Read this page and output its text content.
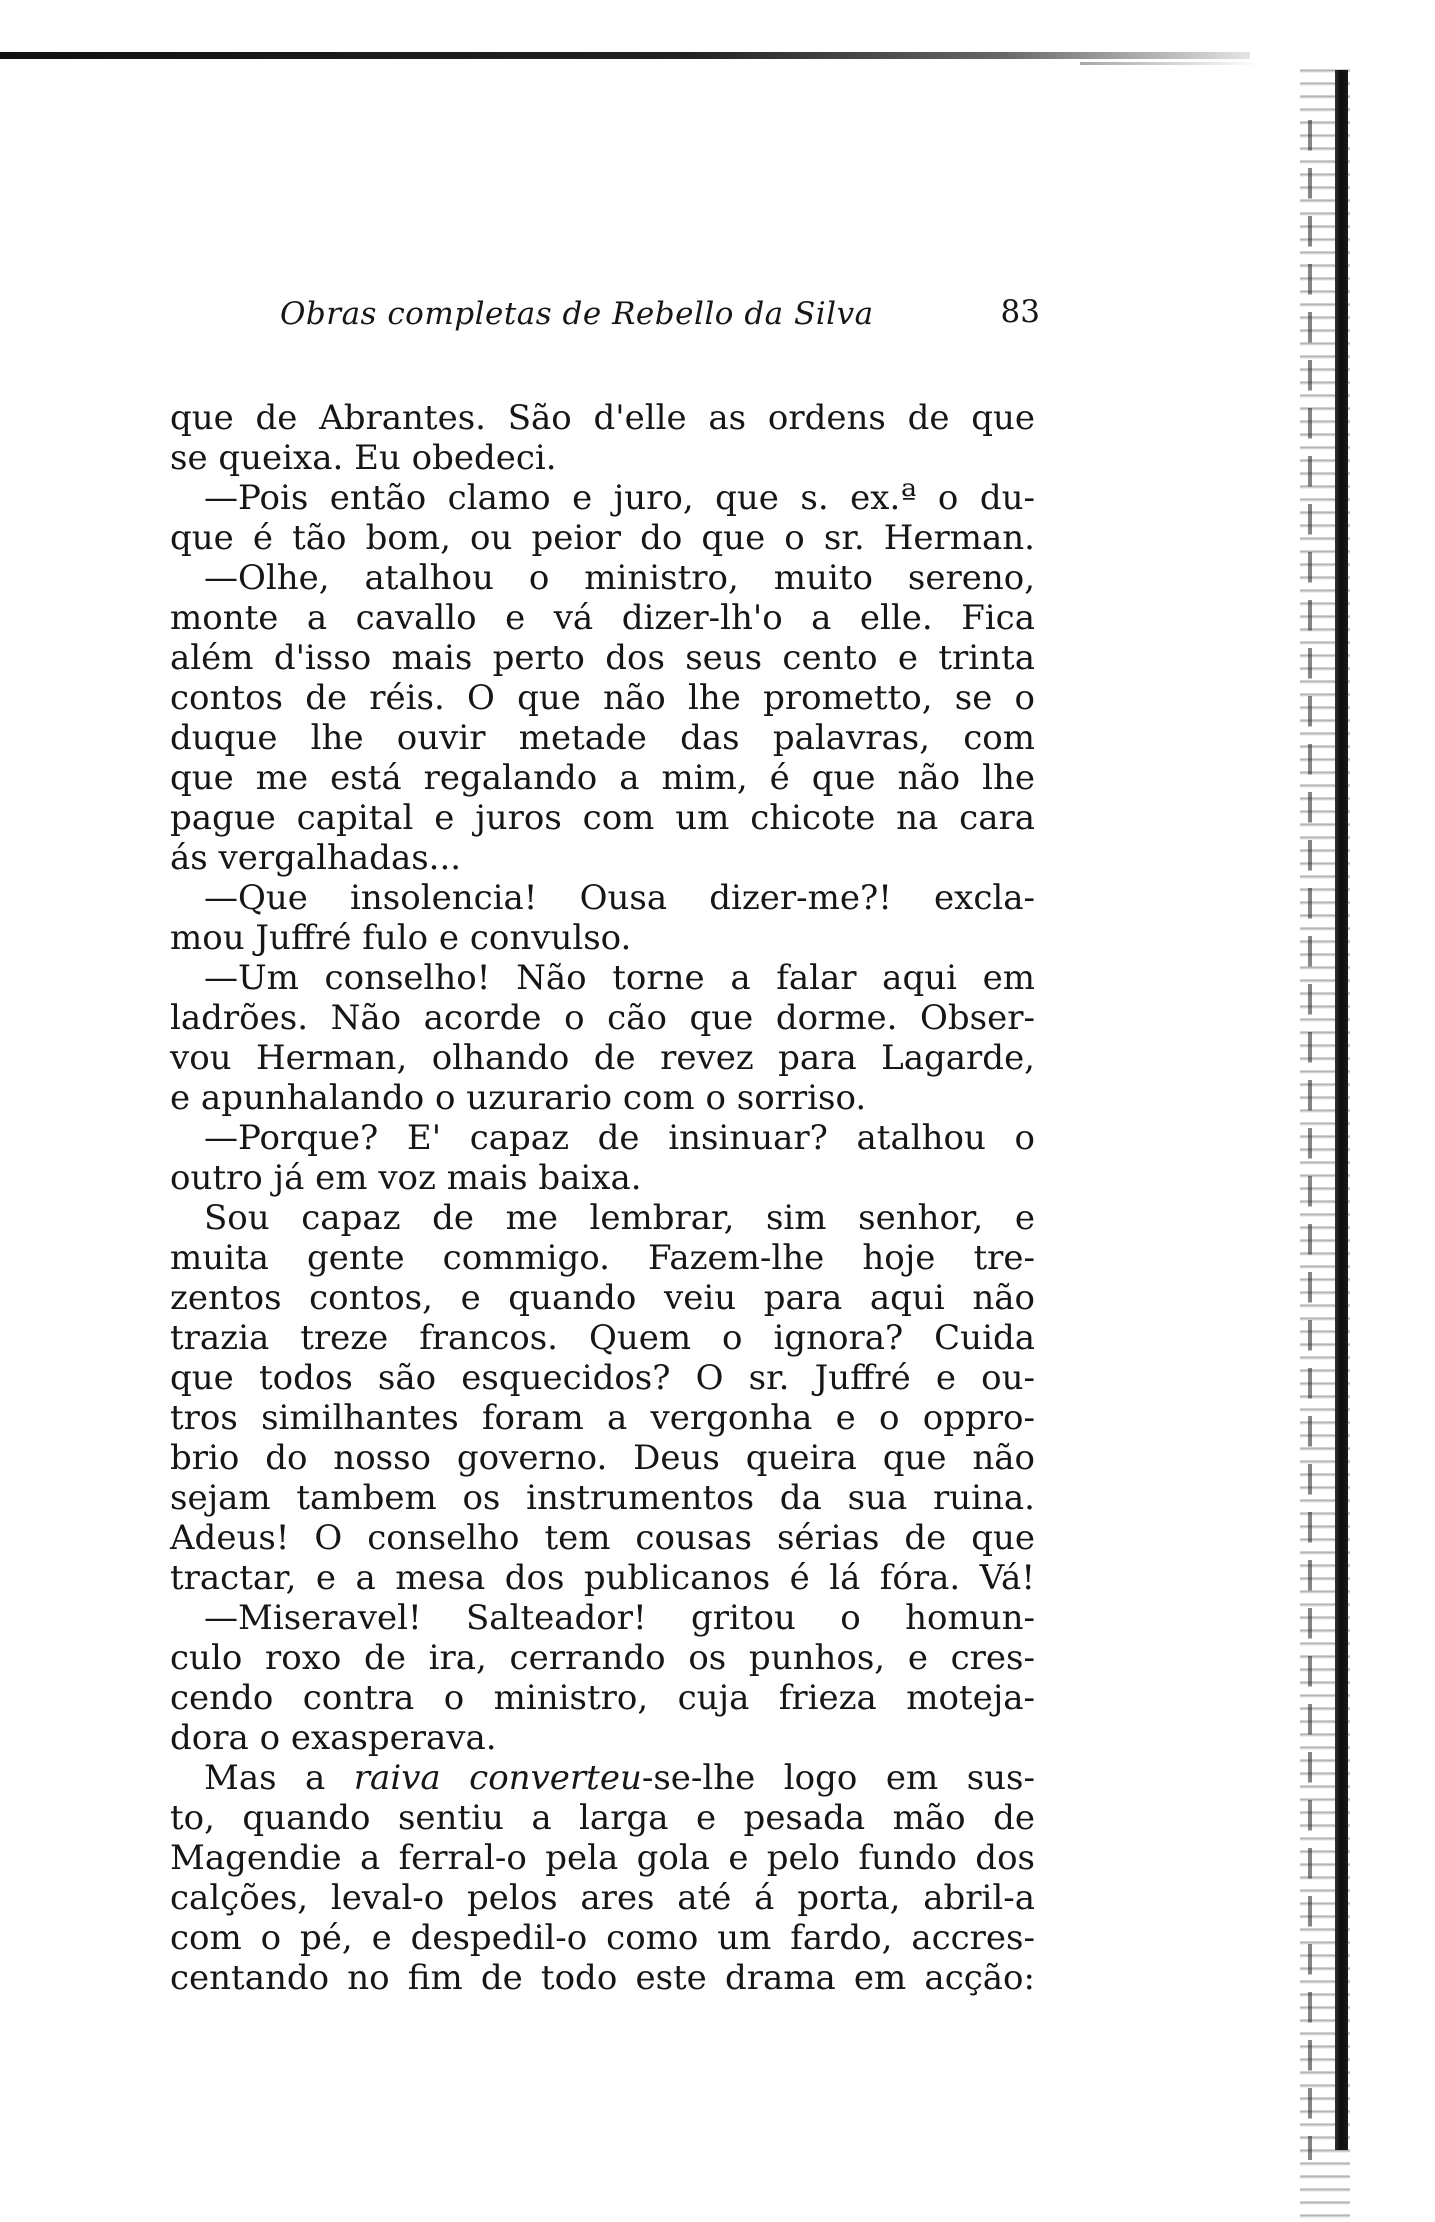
Obras completas de Rebello da Silva	83
que de Abrantes. São d'elle as ordens de que
se queixa. Eu obedeci.
—Pois então clamo e juro, que s. ex.ª o du-
que é tão bom, ou peior do que o sr. Herman.
—Olhe, atalhou o ministro, muito sereno,
monte a cavallo e vá dizer-lh'o a elle. Fica
além d'isso mais perto dos seus cento e trinta
contos de réis. O que não lhe prometto, se o
duque lhe ouvir metade das palavras, com
que me está regalando a mim, é que não lhe
pague capital e juros com um chicote na cara
ás vergalhadas...
—Que insolencia! Ousa dizer-me?! excla-
mou Juffré fulo e convulso.
—Um conselho! Não torne a falar aqui em
ladrões. Não acorde o cão que dorme. Obser-
vou Herman, olhando de revez para Lagarde,
e apunhalando o uzurario com o sorriso.
—Porque? E' capaz de insinuar? atalhou o
outro já em voz mais baixa.
Sou capaz de me lembrar, sim senhor, e
muita gente commigo. Fazem-lhe hoje tre-
zentos contos, e quando veiu para aqui não
trazia treze francos. Quem o ignora? Cuida
que todos são esquecidos? O sr. Juffré e ou-
tros similhantes foram a vergonha e o oppro-
brio do nosso governo. Deus queira que não
sejam tambem os instrumentos da sua ruina.
Adeus! O conselho tem cousas sérias de que
tractar, e a mesa dos publicanos é lá fóra. Vá!
—Miseravel! Salteador! gritou o homun-
culo roxo de ira, cerrando os punhos, e cres-
cendo contra o ministro, cuja frieza moteja-
dora o exasperava.
Mas a raiva converteu-se-lhe logo em sus-
to, quando sentiu a larga e pesada mão de
Magendie a ferral-o pela gola e pelo fundo dos
calções, leval-o pelos ares até á porta, abril-a
com o pé, e despedil-o como um fardo, accres-
centando no fim de todo este drama em acção:
